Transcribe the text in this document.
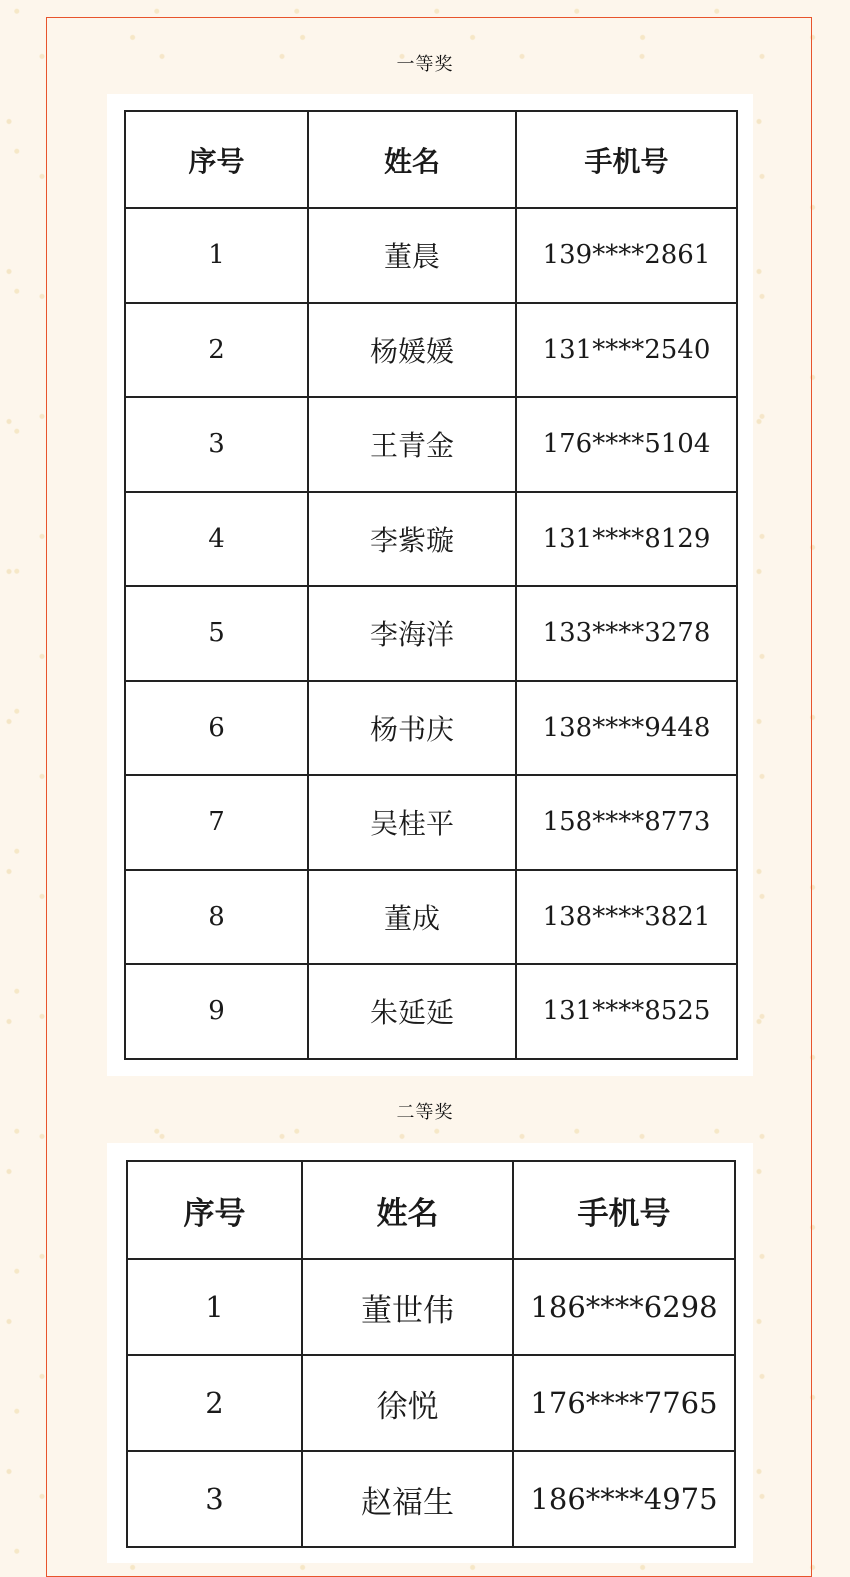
一等奖
序号	姓名	手机号
1	董晨	139****2861
2	杨媛媛	131****2540
3	王青金	176****5104
4	李紫璇	131****8129
5	李海洋	133****3278
6	杨书庆	138****9448
7	吴桂平	158****8773
8	董成	138****3821
9	朱延延	131****8525
二等奖
序号	姓名	手机号
1	董世伟	186****6298
2	徐悦	176****7765
3	赵福生	186****4975
